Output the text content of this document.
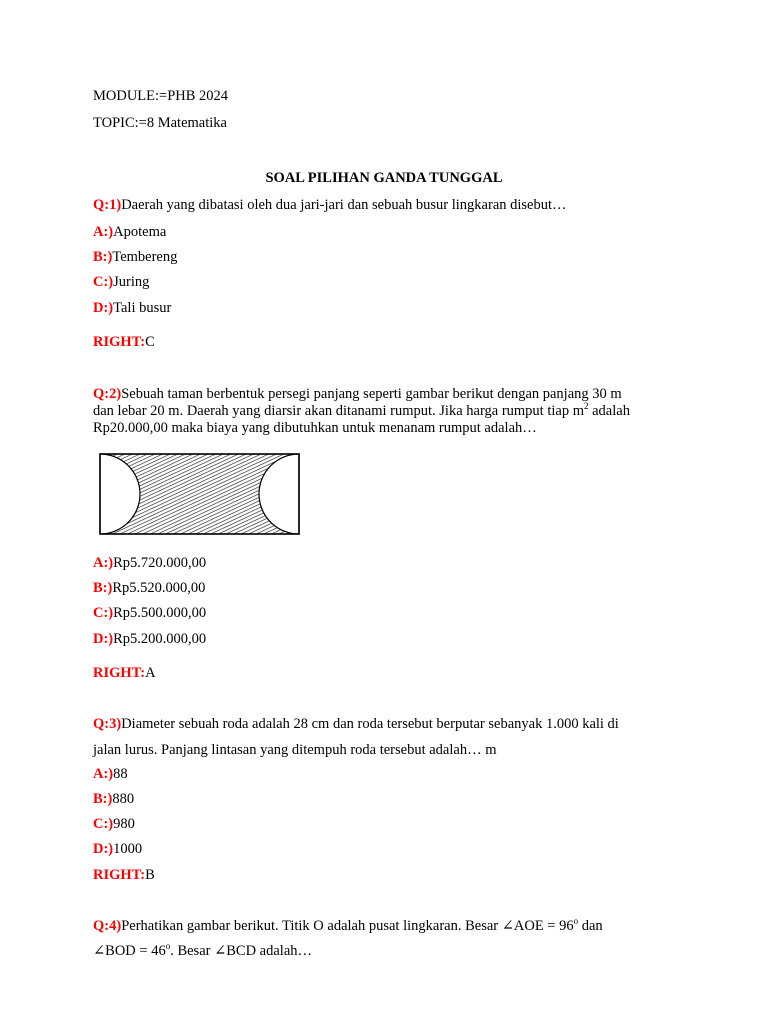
MODULE:=PHB 2024
TOPIC:=8 Matematika
SOAL PILIHAN GANDA TUNGGAL
Q:1)Daerah yang dibatasi oleh dua jari-jari dan sebuah busur lingkaran disebut…
A:)Apotema
B:)Tembereng
C:)Juring
D:)Tali busur
RIGHT:C
Q:2)Sebuah taman berbentuk persegi panjang seperti gambar berikut dengan panjang 30 m
dan lebar 20 m. Daerah yang diarsir akan ditanami rumput. Jika harga rumput tiap $m^2$ adalah
Rp20.000,00 maka biaya yang dibutuhkan untuk menanam rumput adalah…
A:)Rp5.720.000,00
B:)Rp5.520.000,00
C:)Rp5.500.000,00
D:)Rp5.200.000,00
RIGHT:A
Q:3)Diameter sebuah roda adalah 28 cm dan roda tersebut berputar sebanyak 1.000 kali di
jalan lurus. Panjang lintasan yang ditempuh roda tersebut adalah… m
A:)88
B:)880
C:)980
D:)1000
RIGHT:B
Q:4)Perhatikan gambar berikut. Titik O adalah pusat lingkaran. Besar ∠AOE = $96^o$ dan
∠BOD = $46^o$. Besar ∠BCD adalah…
